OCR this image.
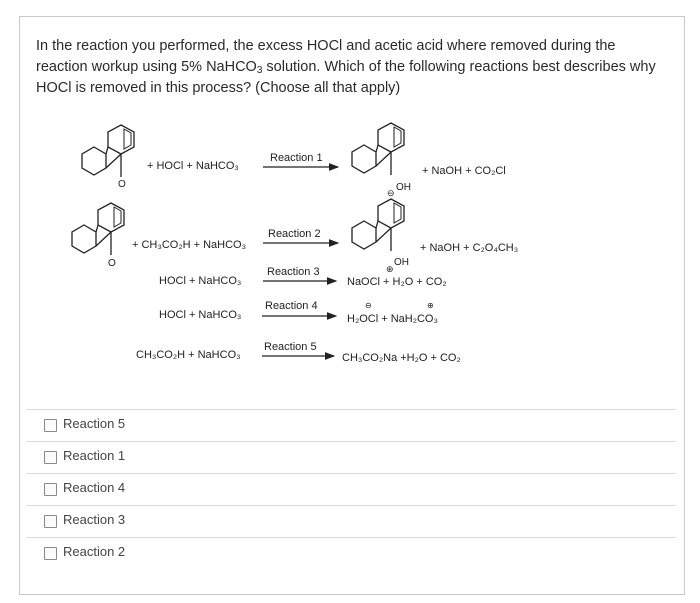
In the reaction you performed, the excess HOCl and acetic acid where removed during the reaction workup using 5% NaHCO$_3$ solution. Which of the following reactions best describes why HOCl is removed in this process? (Choose all that apply)
O
+ HOCl + NaHCO₃
Reaction 1
OH
⊖
+ NaOH + CO₂Cl
O
+ CH₃CO₂H + NaHCO₃
Reaction 2
OH
⊕
+ NaOH + C₂O₄CH₃
HOCl + NaHCO₃
Reaction 3
NaOCl + H₂O + CO₂
HOCl + NaHCO₃
Reaction 4	⊖	⊕
H₂OCl + NaH₂CO₃
CH₃CO₂H + NaHCO₃
Reaction 5
CH₃CO₂Na +H₂O + CO₂
Reaction 5
Reaction 1
Reaction 4
Reaction 3
Reaction 2
